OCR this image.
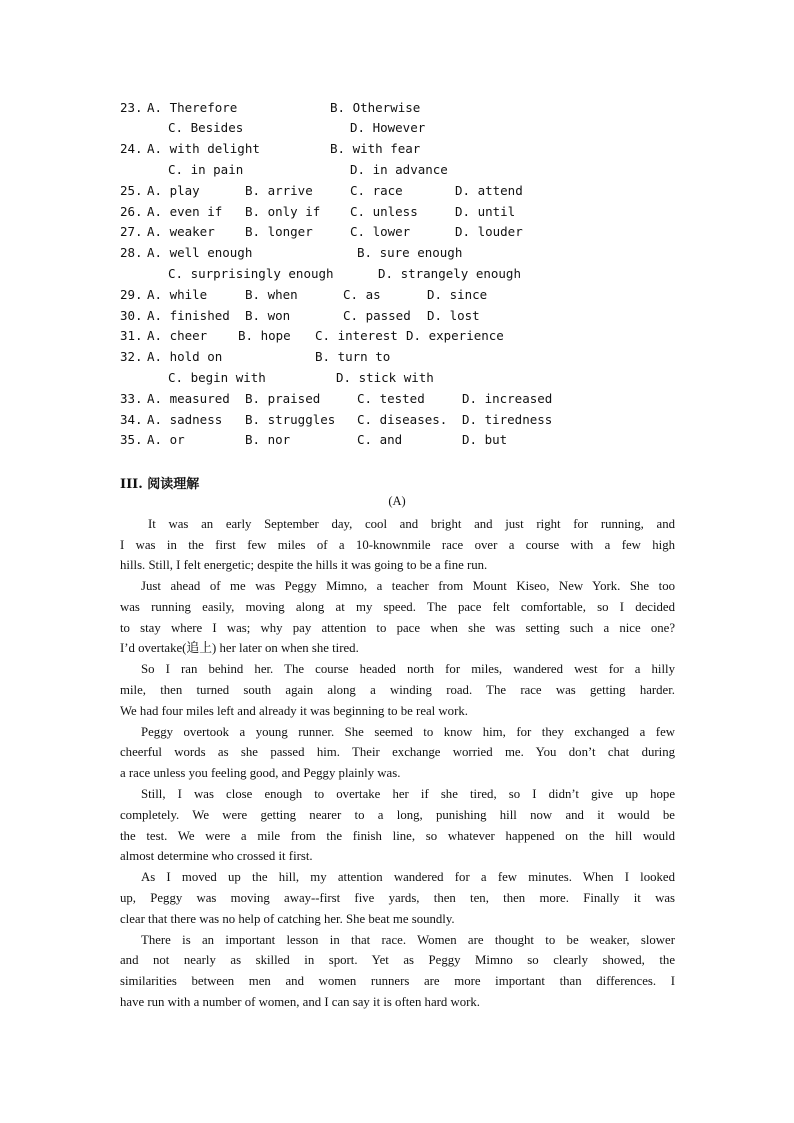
23. A. Therefore	B. Otherwise
C. Besides	D. However
24. A. with delight	B. with fear
C. in pain	D. in advance
25. A. play	B. arrive	C. race	D. attend
26. A. even if B. only if C. unless	D. until
27. A. weaker B. longer	C. lower	D. louder
28. A. well enough	B. sure enough
C. surprisingly enough	D. strangely enough
29. A. while	B. when	C. as	D. since
30. A. finished B. won	C. passed D. lost
31. A. cheer B. hope C. interest D. experience
32. A. hold on	B. turn to
C. begin with	D. stick with
33. A. measured B. praised	C. tested	D. increased
34. A. sadness B. struggles C. diseases. D. tiredness
35. A. or	B. nor	C. and	D. but
III. 阅读理解
(A)
It was an early September day, cool and bright and just right for running, and
I was in the first few miles of a 10-knownmile race over a course with a few high
hills. Still, I felt energetic; despite the hills it was going to be a fine run.
Just ahead of me was Peggy Mimno, a teacher from Mount Kiseo, New York. She too
was running easily, moving along at my speed. The pace felt comfortable, so I decided
to stay where I was; why pay attention to pace when she was setting such a nice one?
I’d overtake(追上) her later on when she tired.
So I ran behind her. The course headed north for miles, wandered west for a hilly
mile, then turned south again along a winding road. The race was getting harder.
We had four miles left and already it was beginning to be real work.
Peggy overtook a young runner. She seemed to know him, for they exchanged a few
cheerful words as she passed him. Their exchange worried me. You don’t chat during
a race unless you feeling good, and Peggy plainly was.
Still, I was close enough to overtake her if she tired, so I didn’t give up hope
completely. We were getting nearer to a long, punishing hill now and it would be
the test. We were a mile from the finish line, so whatever happened on the hill would
almost determine who crossed it first.
As I moved up the hill, my attention wandered for a few minutes. When I looked
up, Peggy was moving away--first five yards, then ten, then more. Finally it was
clear that there was no help of catching her. She beat me soundly.
There is an important lesson in that race. Women are thought to be weaker, slower
and not nearly as skilled in sport. Yet as Peggy Mimno so clearly showed, the
similarities between men and women runners are more important than differences. I
have run with a number of women, and I can say it is often hard work.
